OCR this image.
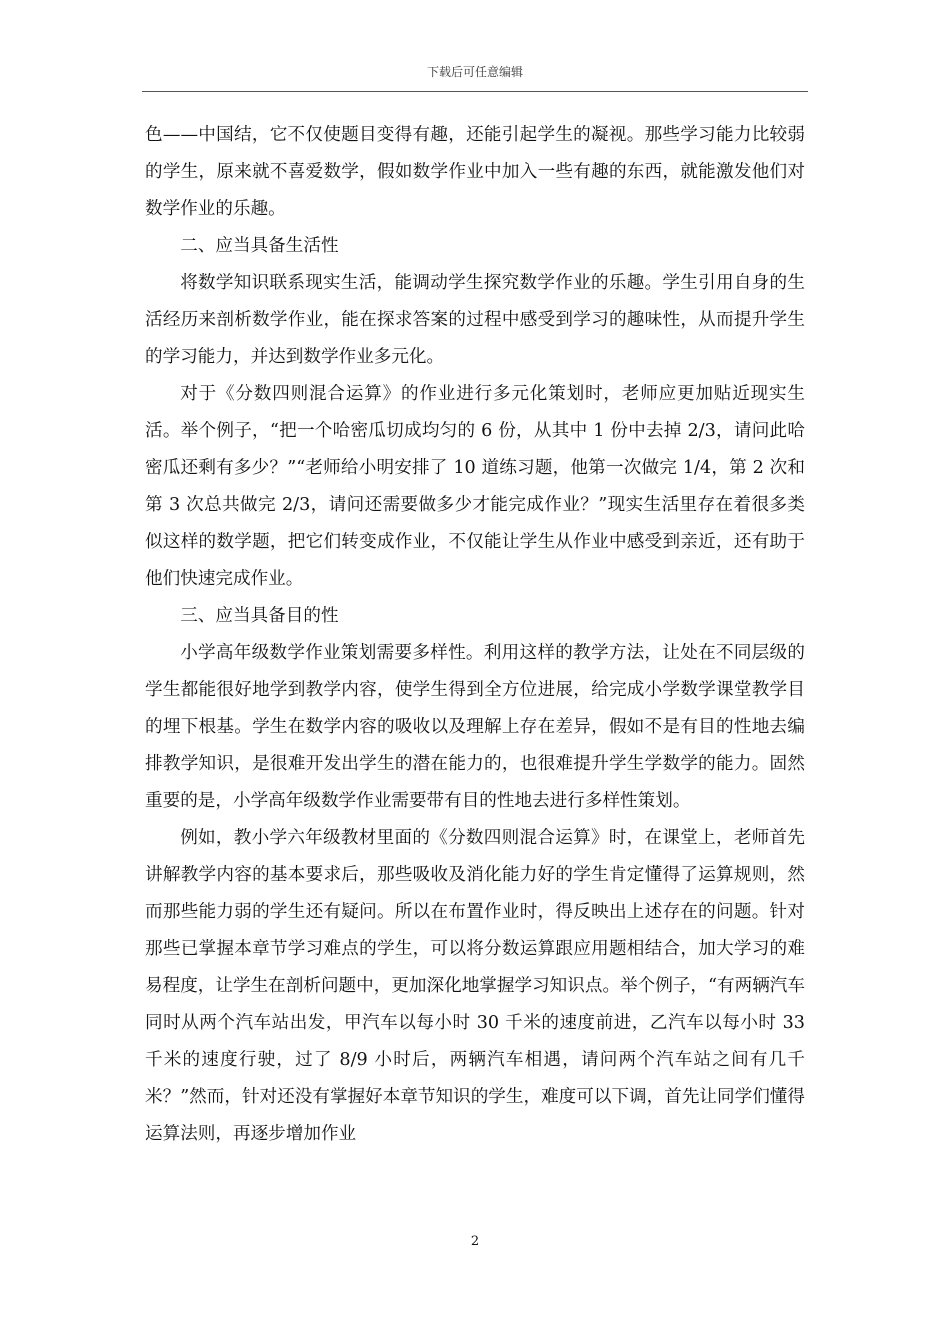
下载后可任意编辑

色——中国结，它不仅使题目变得有趣，还能引起学生的凝视。那些学习能力比较弱的学生，原来就不喜爱数学，假如数学作业中加入一些有趣的东西，就能激发他们对数学作业的乐趣。

二、应当具备生活性

将数学知识联系现实生活，能调动学生探究数学作业的乐趣。学生引用自身的生活经历来剖析数学作业，能在探求答案的过程中感受到学习的趣味性，从而提升学生的学习能力，并达到数学作业多元化。

对于《分数四则混合运算》的作业进行多元化策划时，老师应更加贴近现实生活。举个例子，“把一个哈密瓜切成均匀的 6 份，从其中 1 份中去掉 2/3，请问此哈密瓜还剩有多少？”“老师给小明安排了 10 道练习题，他第一次做完 1/4，第 2 次和第 3 次总共做完 2/3，请问还需要做多少才能完成作业？”现实生活里存在着很多类似这样的数学题，把它们转变成作业，不仅能让学生从作业中感受到亲近，还有助于他们快速完成作业。

三、应当具备目的性

小学高年级数学作业策划需要多样性。利用这样的教学方法，让处在不同层级的学生都能很好地学到教学内容，使学生得到全方位进展，给完成小学数学课堂教学目的埋下根基。学生在数学内容的吸收以及理解上存在差异，假如不是有目的性地去编排教学知识，是很难开发出学生的潜在能力的，也很难提升学生学数学的能力。固然重要的是，小学高年级数学作业需要带有目的性地去进行多样性策划。

例如，教小学六年级教材里面的《分数四则混合运算》时，在课堂上，老师首先讲解教学内容的基本要求后，那些吸收及消化能力好的学生肯定懂得了运算规则，然而那些能力弱的学生还有疑问。所以在布置作业时，得反映出上述存在的问题。针对那些已掌握本章节学习难点的学生，可以将分数运算跟应用题相结合，加大学习的难易程度，让学生在剖析问题中，更加深化地掌握学习知识点。举个例子，“有两辆汽车同时从两个汽车站出发，甲汽车以每小时 30 千米的速度前进，乙汽车以每小时 33 千米的速度行驶，过了 8/9 小时后，两辆汽车相遇，请问两个汽车站之间有几千米？”然而，针对还没有掌握好本章节知识的学生，难度可以下调，首先让同学们懂得运算法则，再逐步增加作业

2
